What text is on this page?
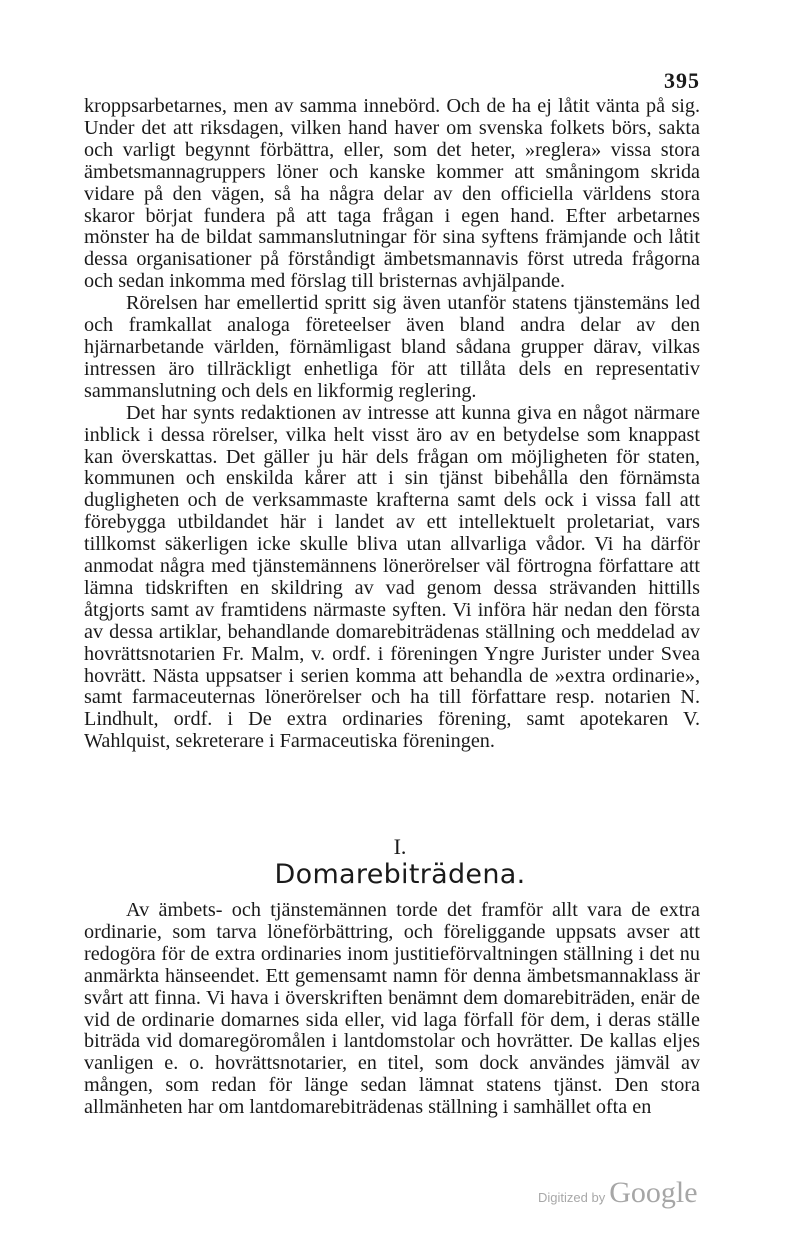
395

kroppsarbetarnes, men av samma innebörd. Och de ha ej låtit vänta på sig. Under det att riksdagen, vilken hand haver om svenska folkets börs, sakta och varligt begynnt förbättra, eller, som det heter, »reglera» vissa stora ämbetsmannagruppers löner och kanske kommer att småningom skrida vidare på den vägen, så ha några delar av den officiella världens stora skaror börjat fundera på att taga frågan i egen hand. Efter arbetarnes mönster ha de bildat sammanslutningar för sina syftens främjande och låtit dessa organisationer på förståndigt ämbetsmannavis först utreda frågorna och sedan inkomma med förslag till bristernas avhjälpande.

Rörelsen har emellertid spritt sig även utanför statens tjänstemäns led och framkallat analoga företeelser även bland andra delar av den hjärnarbetande världen, förnämligast bland sådana grupper därav, vilkas intressen äro tillräckligt enhetliga för att tillåta dels en representativ sammanslutning och dels en likformig reglering.

Det har synts redaktionen av intresse att kunna giva en något närmare inblick i dessa rörelser, vilka helt visst äro av en betydelse som knappast kan överskattas. Det gäller ju här dels frågan om möjligheten för staten, kommunen och enskilda kårer att i sin tjänst bibehålla den förnämsta dugligheten och de verksammaste krafterna samt dels ock i vissa fall att förebygga utbildandet här i landet av ett intellektuelt proletariat, vars tillkomst säkerligen icke skulle bliva utan allvarliga vådor. Vi ha därför anmodat några med tjänstemännens lönerörelser väl förtrogna författare att lämna tidskriften en skildring av vad genom dessa strävanden hittills åtgjorts samt av framtidens närmaste syften. Vi införa här nedan den första av dessa artiklar, behandlande domarebiträdenas ställning och meddelad av hovrättsnotarien Fr. Malm, v. ordf. i föreningen Yngre Jurister under Svea hovrätt. Nästa uppsatser i serien komma att behandla de »extra ordinarie», samt farmaceuternas lönerörelser och ha till författare resp. notarien N. Lindhult, ordf. i De extra ordinaries förening, samt apotekaren V. Wahlquist, sekreterare i Farmaceutiska föreningen.

I.
Domarebiträdena.

Av ämbets- och tjänstemännen torde det framför allt vara de extra ordinarie, som tarva löneförbättring, och föreliggande uppsats avser att redogöra för de extra ordinaries inom justitieförvaltningen ställning i det nu anmärkta hänseendet. Ett gemensamt namn för denna ämbetsmannaklass är svårt att finna. Vi hava i överskriften benämnt dem domarebiträden, enär de vid de ordinarie domarnes sida eller, vid laga förfall för dem, i deras ställe biträda vid domaregöromålen i lantdomstolar och hovrätter. De kallas eljes vanligen e. o. hovrättsnotarier, en titel, som dock användes jämväl av mången, som redan för länge sedan lämnat statens tjänst. Den stora allmänheten har om lantdomarebiträdenas ställning i samhället ofta en

Digitized by Google
